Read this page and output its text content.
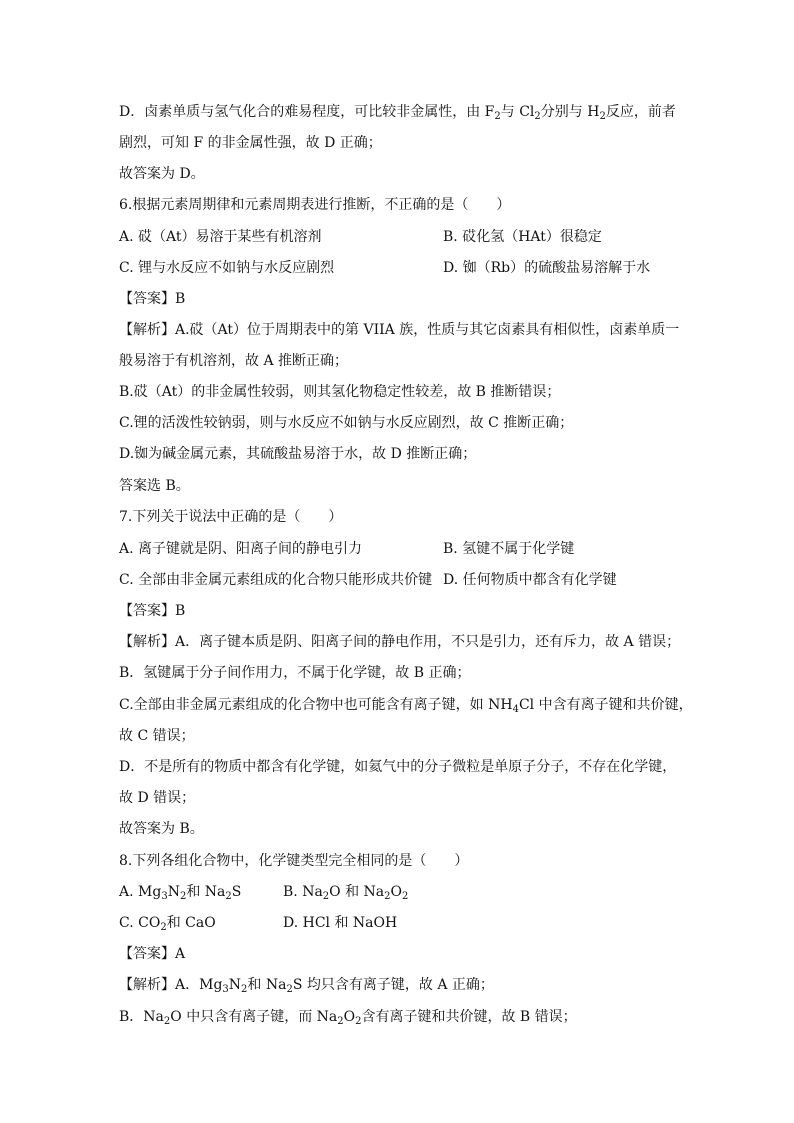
D．卤素单质与氢气化合的难易程度，可比较非金属性，由 $F_2$与 $Cl_2$分别与 $H_2$反应，前者
剧烈，可知 F 的非金属性强，故 D 正确；
故答案为 D。
6.根据元素周期律和元素周期表进行推断，不正确的是（　　）
A. 砹（At）易溶于某些有机溶剂	B. 砹化氢（HAt）很稳定
C. 锂与水反应不如钠与水反应剧烈	D. 铷（Rb）的硫酸盐易溶解于水
【答案】B
【解析】A.砹（At）位于周期表中的第 VIIA 族，性质与其它卤素具有相似性，卤素单质一
般易溶于有机溶剂，故 A 推断正确；
B.砹（At）的非金属性较弱，则其氢化物稳定性较差，故 B 推断错误；
C.锂的活泼性较钠弱，则与水反应不如钠与水反应剧烈，故 C 推断正确；
D.铷为碱金属元素，其硫酸盐易溶于水，故 D 推断正确；
答案选 B。
7.下列关于说法中正确的是（　　）
A. 离子键就是阴、阳离子间的静电引力	B. 氢键不属于化学键
C. 全部由非金属元素组成的化合物只能形成共价键 D. 任何物质中都含有化学键
【答案】B
【解析】A．离子键本质是阴、阳离子间的静电作用，不只是引力，还有斥力，故 A 错误；
B．氢键属于分子间作用力，不属于化学键，故 B 正确；
C.全部由非金属元素组成的化合物中也可能含有离子键，如 $NH_4Cl$ 中含有离子键和共价键，
故 C 错误；
D．不是所有的物质中都含有化学键，如氦气中的分子微粒是单原子分子，不存在化学键，
故 D 错误；
故答案为 B。
8.下列各组化合物中，化学键类型完全相同的是（　　）
A. $Mg_3N_2$和 $Na_2S$	B. $Na_2O$ 和 $Na_2O_2$
C. $CO_2$和 CaO	D. HCl 和 NaOH
【答案】A
【解析】A．$Mg_3N_2$和 $Na_2S$ 均只含有离子键，故 A 正确；
B．$Na_2O$ 中只含有离子键，而 $Na_2O_2$含有离子键和共价键，故 B 错误；
